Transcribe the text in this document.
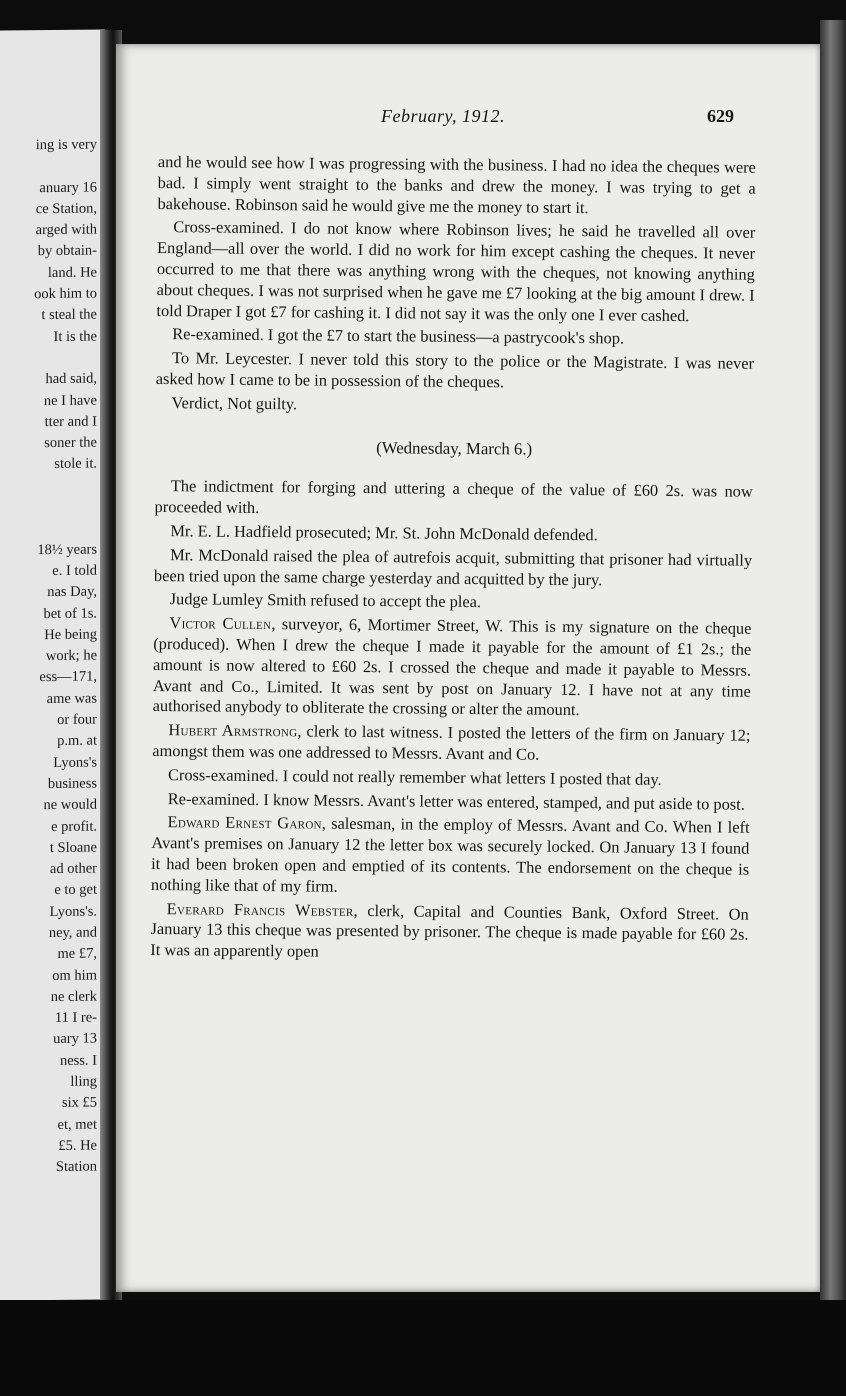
ing is very

anuary 16
ce Station,
arged with
by obtain-
land. He
ook him to
t steal the
It is the

had said,
ne I have
tter and I
soner the
stole it.

18½ years
e. I told
nas Day,
bet of 1s.
He being
work; he
ess—171,
ame was
or four
p.m. at
Lyons's
business
ne would
e profit.
t Sloane
ad other
e to get
Lyons's.
ney, and
me £7,
om him
ne clerk
11 I re-
uary 13
ness. I
lling
six £5
et, met
£5. He
Station
February, 1912.	629

and he would see how I was progressing with the business. I had no idea the cheques were bad. I simply went straight to the banks and drew the money. I was trying to get a bakehouse. Robinson said he would give me the money to start it.

Cross-examined. I do not know where Robinson lives; he said he travelled all over England—all over the world. I did no work for him except cashing the cheques. It never occurred to me that there was anything wrong with the cheques, not knowing anything about cheques. I was not surprised when he gave me £7 looking at the big amount I drew. I told Draper I got £7 for cashing it. I did not say it was the only one I ever cashed.

Re-examined. I got the £7 to start the business—a pastrycook's shop.

To Mr. Leycester. I never told this story to the police or the Magistrate. I was never asked how I came to be in possession of the cheques.

Verdict, Not guilty.

(Wednesday, March 6.)

The indictment for forging and uttering a cheque of the value of £60 2s. was now proceeded with.

Mr. E. L. Hadfield prosecuted; Mr. St. John McDonald defended.

Mr. McDonald raised the plea of autrefois acquit, submitting that prisoner had virtually been tried upon the same charge yesterday and acquitted by the jury.

Judge Lumley Smith refused to accept the plea.

Victor Cullen, surveyor, 6, Mortimer Street, W. This is my signature on the cheque (produced). When I drew the cheque I made it payable for the amount of £1 2s.; the amount is now altered to £60 2s. I crossed the cheque and made it payable to Messrs. Avant and Co., Limited. It was sent by post on January 12. I have not at any time authorised anybody to obliterate the crossing or alter the amount.

Hubert Armstrong, clerk to last witness. I posted the letters of the firm on January 12; amongst them was one addressed to Messrs. Avant and Co.

Cross-examined. I could not really remember what letters I posted that day.

Re-examined. I know Messrs. Avant's letter was entered, stamped, and put aside to post.

Edward Ernest Garon, salesman, in the employ of Messrs. Avant and Co. When I left Avant's premises on January 12 the letter box was securely locked. On January 13 I found it had been broken open and emptied of its contents. The endorsement on the cheque is nothing like that of my firm.

Everard Francis Webster, clerk, Capital and Counties Bank, Oxford Street. On January 13 this cheque was presented by prisoner. The cheque is made payable for £60 2s. It was an apparently open
